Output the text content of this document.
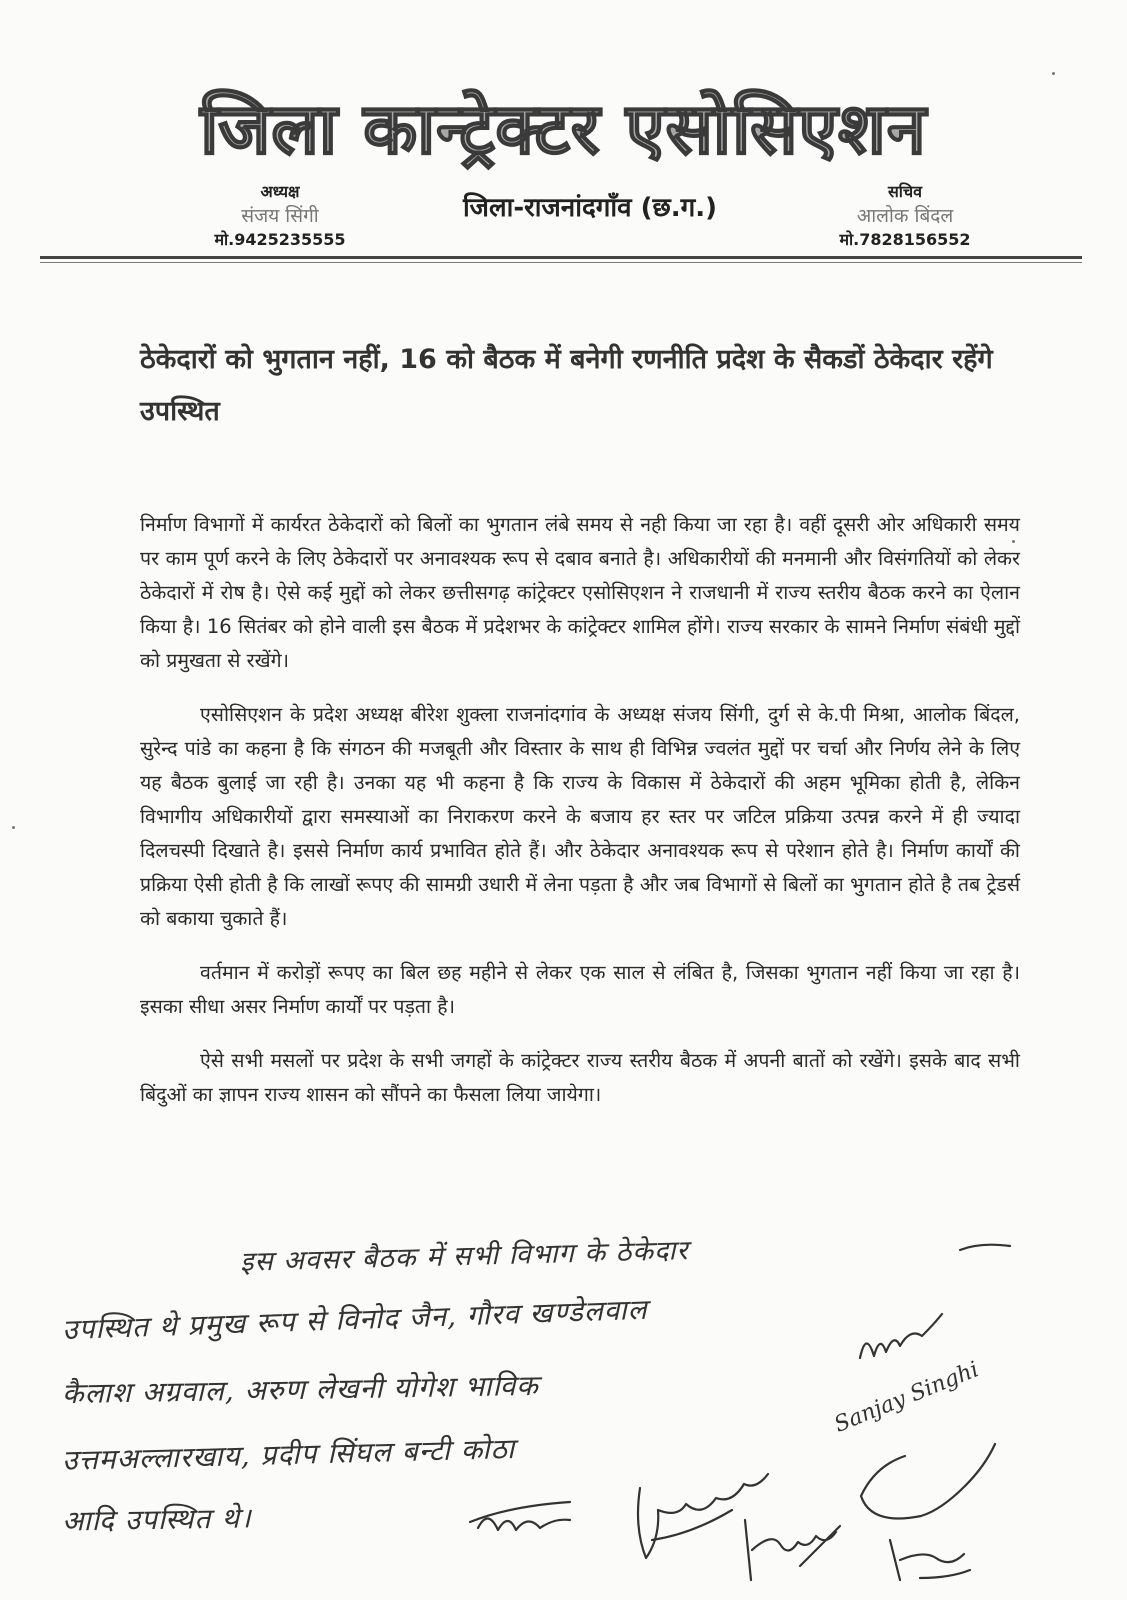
जिला कान्ट्रेक्टर एसोसिएशन
अध्यक्ष
संजय सिंगी
मो.9425235555
जिला-राजनांदगाँव (छ.ग.)
सचिव
आलोक बिंदल
मो.7828156552
ठेकेदारों को भुगतान नहीं, 16 को बैठक में बनेगी रणनीति प्रदेश के सैकडों ठेकेदार रहेंगे उपस्थित

निर्माण विभागों में कार्यरत ठेकेदारों को बिलों का भुगतान लंबे समय से नही किया जा रहा है। वहीं दूसरी ओर अधिकारी समय पर काम पूर्ण करने के लिए ठेकेदारों पर अनावश्यक रूप से दबाव बनाते है। अधिकारीयों की मनमानी और विसंगतियों को लेकर ठेकेदारों में रोष है। ऐसे कई मुद्दों को लेकर छत्तीसगढ़ कांट्रेक्टर एसोसिएशन ने राजधानी में राज्य स्तरीय बैठक करने का ऐलान किया है। 16 सितंबर को होने वाली इस बैठक में प्रदेशभर के कांट्रेक्टर शामिल होंगे। राज्य सरकार के सामने निर्माण संबंधी मुद्दों को प्रमुखता से रखेंगे।

एसोसिएशन के प्रदेश अध्यक्ष बीरेश शुक्ला राजनांदगांव के अध्यक्ष संजय सिंगी, दुर्ग से के.पी मिश्रा, आलोक बिंदल, सुरेन्द पांडे का कहना है कि संगठन की मजबूती और विस्तार के साथ ही विभिन्न ज्वलंत मुद्दों पर चर्चा और निर्णय लेने के लिए यह बैठक बुलाई जा रही है। उनका यह भी कहना है कि राज्य के विकास में ठेकेदारों की अहम भूमिका होती है, लेकिन विभागीय अधिकारीयों द्वारा समस्याओं का निराकरण करने के बजाय हर स्तर पर जटिल प्रक्रिया उत्पन्न करने में ही ज्यादा दिलचस्पी दिखाते है। इससे निर्माण कार्य प्रभावित होते हैं। और ठेकेदार अनावश्यक रूप से परेशान होते है। निर्माण कार्यों की प्रक्रिया ऐसी होती है कि लाखों रूपए की सामग्री उधारी में लेना पड़ता है और जब विभागों से बिलों का भुगतान होते है तब ट्रेडर्स को बकाया चुकाते हैं।

वर्तमान में करोड़ों रूपए का बिल छह महीने से लेकर एक साल से लंबित है, जिसका भुगतान नहीं किया जा रहा है। इसका सीधा असर निर्माण कार्यों पर पड़ता है।

ऐसे सभी मसलों पर प्रदेश के सभी जगहों के कांट्रेक्टर राज्य स्तरीय बैठक में अपनी बातों को रखेंगे। इसके बाद सभी बिंदुओं का ज्ञापन राज्य शासन को सौंपने का फैसला लिया जायेगा।

इस अवसर बैठक में सभी विभाग के ठेकेदार
उपस्थित थे प्रमुख रूप से विनोद जैन, गौरव खण्डेलवाल
कैलाश अग्रवाल, अरुण लेखनी योगेश भाविक
उत्तमअल्लारखाय, प्रदीप सिंघल बन्टी कोठा
आदि उपस्थित थे।
Sanjay Singhi
